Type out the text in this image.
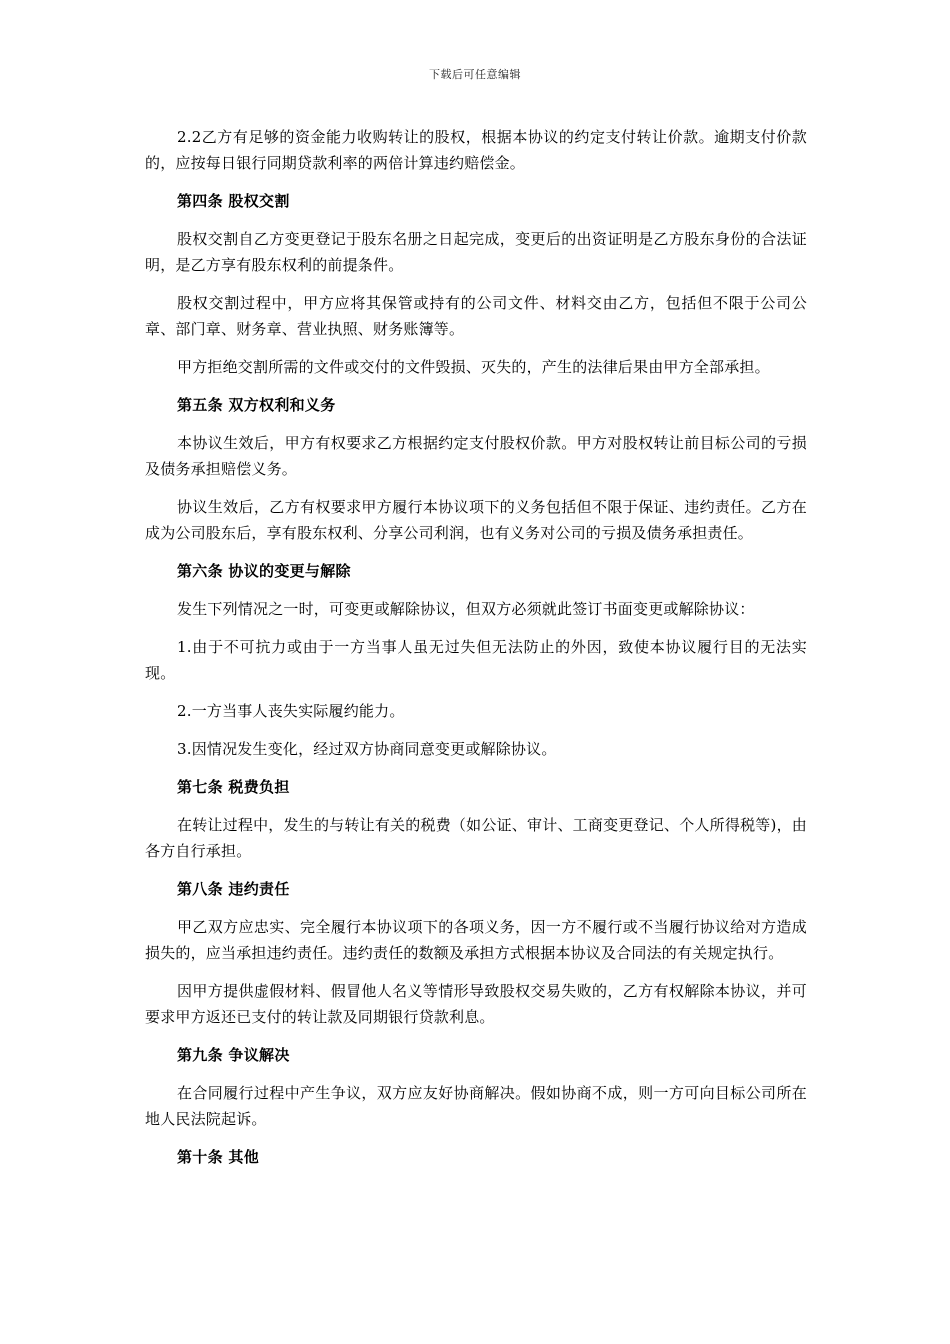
下载后可任意编辑

2.2乙方有足够的资金能力收购转让的股权，根据本协议的约定支付转让价款。逾期支付价款的，应按每日银行同期贷款利率的两倍计算违约赔偿金。

第四条 股权交割

股权交割自乙方变更登记于股东名册之日起完成，变更后的出资证明是乙方股东身份的合法证明，是乙方享有股东权利的前提条件。

股权交割过程中，甲方应将其保管或持有的公司文件、材料交由乙方，包括但不限于公司公章、部门章、财务章、营业执照、财务账簿等。

甲方拒绝交割所需的文件或交付的文件毁损、灭失的，产生的法律后果由甲方全部承担。

第五条 双方权利和义务

本协议生效后，甲方有权要求乙方根据约定支付股权价款。甲方对股权转让前目标公司的亏损及债务承担赔偿义务。

协议生效后，乙方有权要求甲方履行本协议项下的义务包括但不限于保证、违约责任。乙方在成为公司股东后，享有股东权利、分享公司利润，也有义务对公司的亏损及债务承担责任。

第六条 协议的变更与解除

发生下列情况之一时，可变更或解除协议，但双方必须就此签订书面变更或解除协议：

1.由于不可抗力或由于一方当事人虽无过失但无法防止的外因，致使本协议履行目的无法实现。

2.一方当事人丧失实际履约能力。

3.因情况发生变化，经过双方协商同意变更或解除协议。

第七条 税费负担

在转让过程中，发生的与转让有关的税费（如公证、审计、工商变更登记、个人所得税等)，由各方自行承担。

第八条 违约责任

甲乙双方应忠实、完全履行本协议项下的各项义务，因一方不履行或不当履行协议给对方造成损失的，应当承担违约责任。违约责任的数额及承担方式根据本协议及合同法的有关规定执行。

因甲方提供虚假材料、假冒他人名义等情形导致股权交易失败的，乙方有权解除本协议，并可要求甲方返还已支付的转让款及同期银行贷款利息。

第九条 争议解决

在合同履行过程中产生争议，双方应友好协商解决。假如协商不成，则一方可向目标公司所在地人民法院起诉。

第十条 其他
